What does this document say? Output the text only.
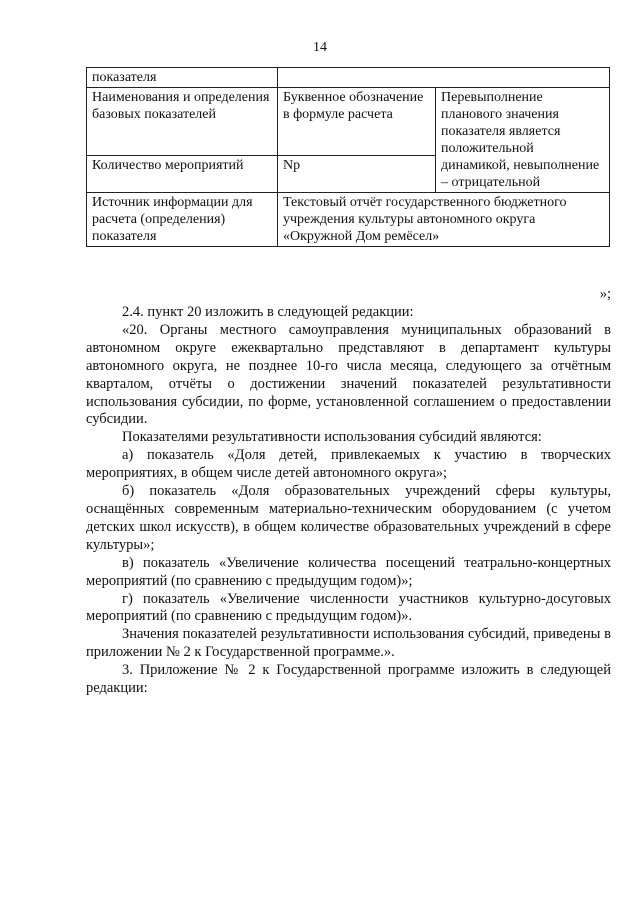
14
показателя		
Наименования и определения базовых показателей	Буквенное обозначение в формуле расчета	Перевыполнение планового значения показателя является положительной динамикой, невыполнение – отрицательной
Количество мероприятий	Np	
Источник информации для расчета (определения) показателя	Текстовый отчёт государственного бюджетного учреждения культуры автономного округа «Окружной Дом ремёсел»	
»;

2.4. пункт 20 изложить в следующей редакции:

«20. Органы местного самоуправления муниципальных образований в автономном округе ежеквартально представляют в департамент культуры автономного округа, не позднее 10-го числа месяца, следующего за отчётным кварталом, отчёты о достижении значений показателей результативности использования субсидии, по форме, установленной соглашением о предоставлении субсидии.

Показателями результативности использования субсидий являются:

а) показатель «Доля детей, привлекаемых к участию в творческих мероприятиях, в общем числе детей автономного округа»;

б) показатель «Доля образовательных учреждений сферы культуры, оснащённых современным материально-техническим оборудованием (с учетом детских школ искусств), в общем количестве образовательных учреждений в сфере культуры»;

в) показатель «Увеличение количества посещений театрально-концертных мероприятий (по сравнению с предыдущим годом)»;

г) показатель «Увеличение численности участников культурно-досуговых мероприятий (по сравнению с предыдущим годом)».

Значения показателей результативности использования субсидий, приведены в приложении № 2 к Государственной программе.».

3. Приложение № 2 к Государственной программе изложить в следующей редакции:
